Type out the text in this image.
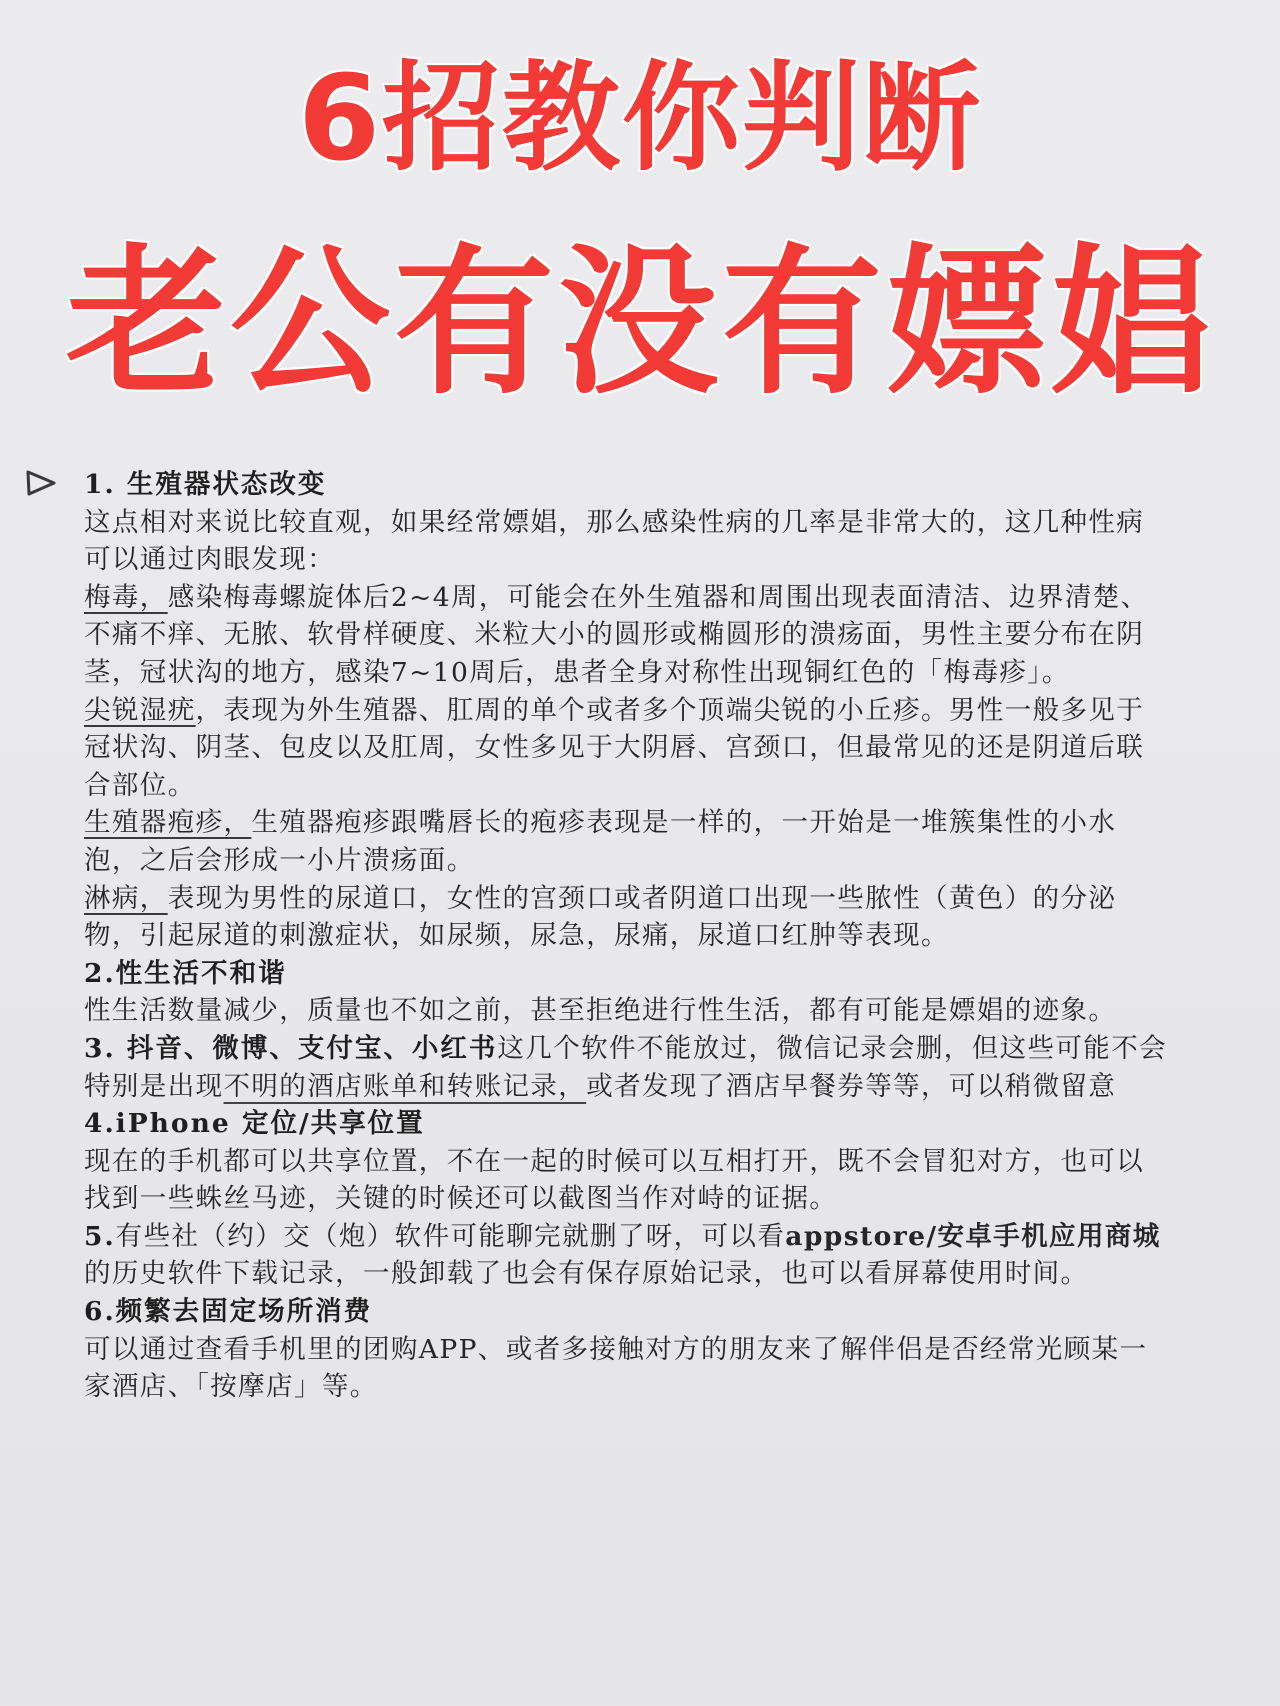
6招教你判断
老公有没有嫖娼

1. 生殖器状态改变

这点相对来说比较直观，如果经常嫖娼，那么感染性病的几率是非常大的，这几种性病可以通过肉眼发现：

梅毒，感染梅毒螺旋体后2~4周，可能会在外生殖器和周围出现表面清洁、边界清楚、不痛不痒、无脓、软骨样硬度、米粒大小的圆形或椭圆形的溃疡面，男性主要分布在阴茎，冠状沟的地方，感染7~10周后，患者全身对称性出现铜红色的「梅毒疹」。

尖锐湿疣，表现为外生殖器、肛周的单个或者多个顶端尖锐的小丘疹。男性一般多见于冠状沟、阴茎、包皮以及肛周，女性多见于大阴唇、宫颈口，但最常见的还是阴道后联合部位。

生殖器疱疹，生殖器疱疹跟嘴唇长的疱疹表现是一样的，一开始是一堆簇集性的小水泡，之后会形成一小片溃疡面。

淋病，表现为男性的尿道口，女性的宫颈口或者阴道口出现一些脓性（黄色）的分泌物，引起尿道的刺激症状，如尿频，尿急，尿痛，尿道口红肿等表现。

2.性生活不和谐

性生活数量减少，质量也不如之前，甚至拒绝进行性生活，都有可能是嫖娼的迹象。

3. 抖音、微博、支付宝、小红书这几个软件不能放过，微信记录会删，但这些可能不会特别是出现不明的酒店账单和转账记录，或者发现了酒店早餐券等等，可以稍微留意

4.iPhone 定位/共享位置

现在的手机都可以共享位置，不在一起的时候可以互相打开，既不会冒犯对方，也可以找到一些蛛丝马迹，关键的时候还可以截图当作对峙的证据。

5.有些社（约）交（炮）软件可能聊完就删了呀，可以看appstore/安卓手机应用商城的历史软件下载记录，一般卸载了也会有保存原始记录，也可以看屏幕使用时间。

6.频繁去固定场所消费

可以通过查看手机里的团购APP、或者多接触对方的朋友来了解伴侣是否经常光顾某一家酒店、「按摩店」等。
